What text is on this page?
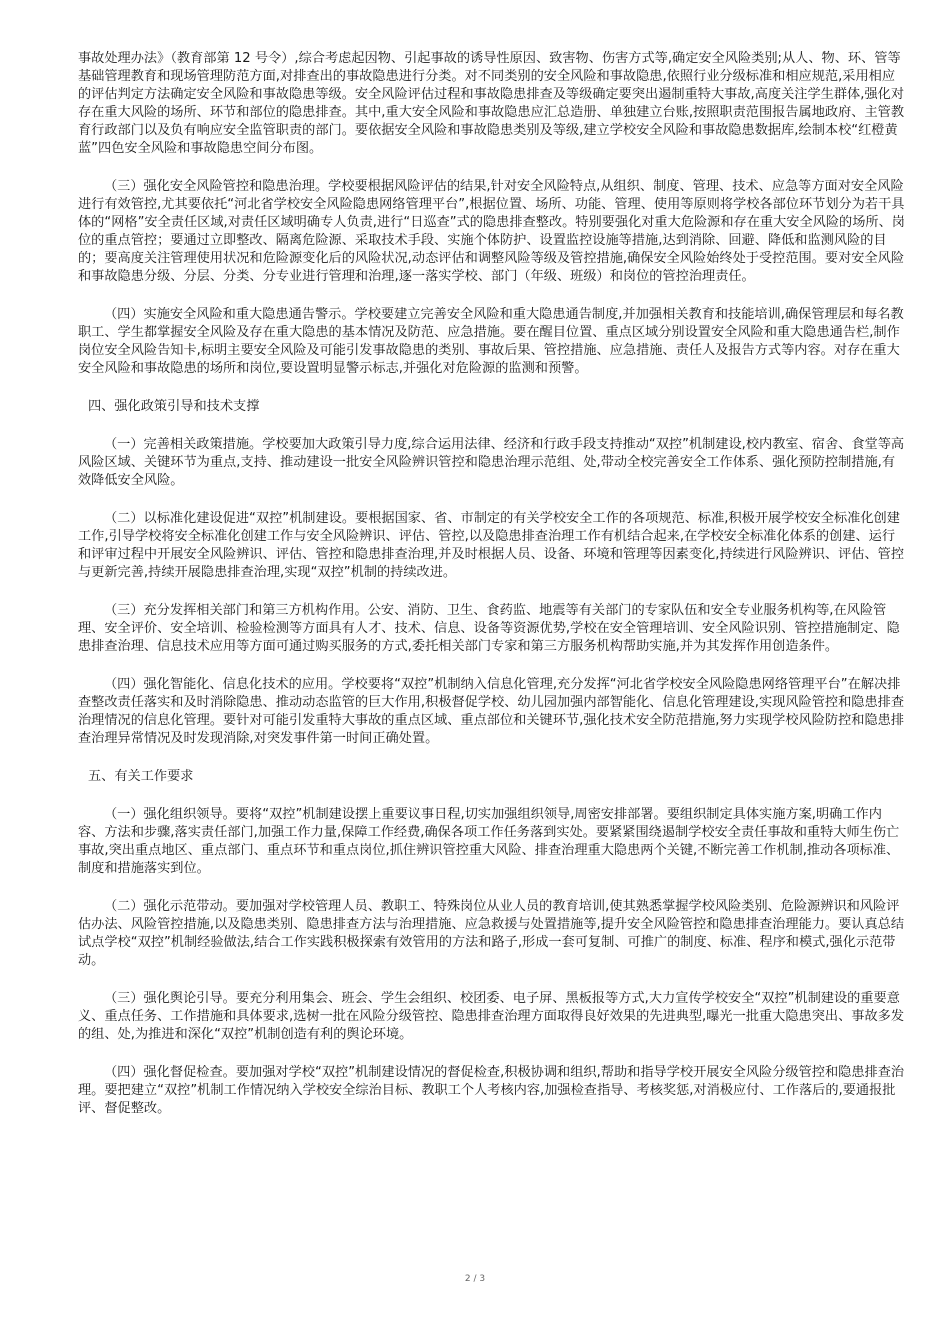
事故处理办法》（教育部第 12 号令）,综合考虑起因物、引起事故的诱导性原因、致害物、伤害方式等,确定安全风险类别;从人、物、环、管等基础管理教育和现场管理防范方面,对排查出的事故隐患进行分类。对不同类别的安全风险和事故隐患,依照行业分级标准和相应规范,采用相应的评估判定方法确定安全风险和事故隐患等级。安全风险评估过程和事故隐患排查及等级确定要突出遏制重特大事故,高度关注学生群体,强化对存在重大风险的场所、环节和部位的隐患排查。其中,重大安全风险和事故隐患应汇总造册、单独建立台账,按照职责范围报告属地政府、主管教育行政部门以及负有响应安全监管职责的部门。要依据安全风险和事故隐患类别及等级,建立学校安全风险和事故隐患数据库,绘制本校“红橙黄蓝”四色安全风险和事故隐患空间分布图。

（三）强化安全风险管控和隐患治理。学校要根据风险评估的结果,针对安全风险特点,从组织、制度、管理、技术、应急等方面对安全风险进行有效管控,尤其要依托“河北省学校安全风险隐患网络管理平台”,根据位置、场所、功能、管理、使用等原则将学校各部位环节划分为若干具体的“网格”安全责任区域,对责任区域明确专人负责,进行“日巡查”式的隐患排查整改。特别要强化对重大危险源和存在重大安全风险的场所、岗位的重点管控；要通过立即整改、隔离危险源、采取技术手段、实施个体防护、设置监控设施等措施,达到消除、回避、降低和监测风险的目的；要高度关注管理使用状况和危险源变化后的风险状况,动态评估和调整风险等级及管控措施,确保安全风险始终处于受控范围。要对安全风险和事故隐患分级、分层、分类、分专业进行管理和治理,逐一落实学校、部门（年级、班级）和岗位的管控治理责任。

（四）实施安全风险和重大隐患通告警示。学校要建立完善安全风险和重大隐患通告制度,并加强相关教育和技能培训,确保管理层和每名教职工、学生都掌握安全风险及存在重大隐患的基本情况及防范、应急措施。要在醒目位置、重点区域分别设置安全风险和重大隐患通告栏,制作岗位安全风险告知卡,标明主要安全风险及可能引发事故隐患的类别、事故后果、管控措施、应急措施、责任人及报告方式等内容。对存在重大安全风险和事故隐患的场所和岗位,要设置明显警示标志,并强化对危险源的监测和预警。

四、强化政策引导和技术支撑

（一）完善相关政策措施。学校要加大政策引导力度,综合运用法律、经济和行政手段支持推动“双控”机制建设,校内教室、宿舍、食堂等高风险区域、关键环节为重点,支持、推动建设一批安全风险辨识管控和隐患治理示范组、处,带动全校完善安全工作体系、强化预防控制措施,有效降低安全风险。

（二）以标准化建设促进“双控”机制建设。要根据国家、省、市制定的有关学校安全工作的各项规范、标准,积极开展学校安全标准化创建工作,引导学校将安全标准化创建工作与安全风险辨识、评估、管控,以及隐患排查治理工作有机结合起来,在学校安全标准化体系的创建、运行和评审过程中开展安全风险辨识、评估、管控和隐患排查治理,并及时根据人员、设备、环境和管理等因素变化,持续进行风险辨识、评估、管控与更新完善,持续开展隐患排查治理,实现“双控”机制的持续改进。

（三）充分发挥相关部门和第三方机构作用。公安、消防、卫生、食药监、地震等有关部门的专家队伍和安全专业服务机构等,在风险管理、安全评价、安全培训、检验检测等方面具有人才、技术、信息、设备等资源优势,学校在安全管理培训、安全风险识别、管控措施制定、隐患排查治理、信息技术应用等方面可通过购买服务的方式,委托相关部门专家和第三方服务机构帮助实施,并为其发挥作用创造条件。

（四）强化智能化、信息化技术的应用。学校要将“双控”机制纳入信息化管理,充分发挥“河北省学校安全风险隐患网络管理平台”在解决排查整改责任落实和及时消除隐患、推动动态监管的巨大作用,积极督促学校、幼儿园加强内部智能化、信息化管理建设,实现风险管控和隐患排查治理情况的信息化管理。要针对可能引发重特大事故的重点区域、重点部位和关键环节,强化技术安全防范措施,努力实现学校风险防控和隐患排查治理异常情况及时发现消除,对突发事件第一时间正确处置。

五、有关工作要求

（一）强化组织领导。要将“双控”机制建设摆上重要议事日程,切实加强组织领导,周密安排部署。要组织制定具体实施方案,明确工作内容、方法和步骤,落实责任部门,加强工作力量,保障工作经费,确保各项工作任务落到实处。要紧紧围绕遏制学校安全责任事故和重特大师生伤亡事故,突出重点地区、重点部门、重点环节和重点岗位,抓住辨识管控重大风险、排查治理重大隐患两个关键,不断完善工作机制,推动各项标准、制度和措施落实到位。

（二）强化示范带动。要加强对学校管理人员、教职工、特殊岗位从业人员的教育培训,使其熟悉掌握学校风险类别、危险源辨识和风险评估办法、风险管控措施,以及隐患类别、隐患排查方法与治理措施、应急救援与处置措施等,提升安全风险管控和隐患排查治理能力。要认真总结试点学校“双控”机制经验做法,结合工作实践积极探索有效管用的方法和路子,形成一套可复制、可推广的制度、标准、程序和模式,强化示范带动。

（三）强化舆论引导。要充分利用集会、班会、学生会组织、校团委、电子屏、黑板报等方式,大力宣传学校安全“双控”机制建设的重要意义、重点任务、工作措施和具体要求,选树一批在风险分级管控、隐患排查治理方面取得良好效果的先进典型,曝光一批重大隐患突出、事故多发的组、处,为推进和深化“双控”机制创造有利的舆论环境。

（四）强化督促检查。要加强对学校“双控”机制建设情况的督促检查,积极协调和组织,帮助和指导学校开展安全风险分级管控和隐患排查治理。要把建立“双控”机制工作情况纳入学校安全综治目标、教职工个人考核内容,加强检查指导、考核奖惩,对消极应付、工作落后的,要通报批评、督促整改。

2 / 3
